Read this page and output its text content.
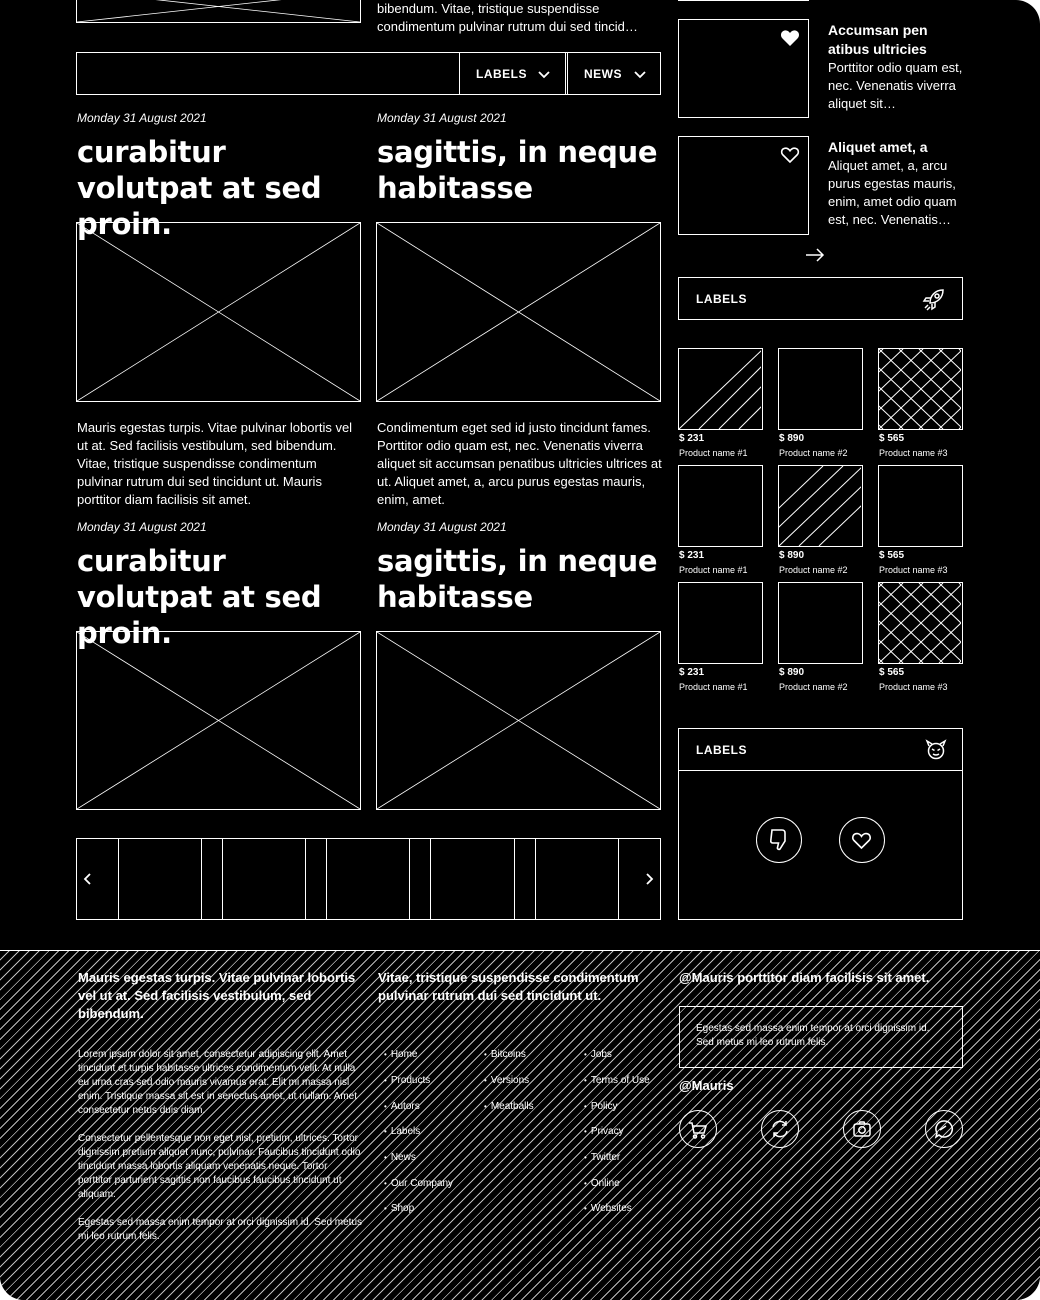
bibendum. Vitae, tristique suspendisse condimentum pulvinar rutrum dui sed tincid…
LABELS	NEWS
Monday 31 August 2021
curabitur volutpat at sed proin.
Mauris egestas turpis. Vitae pulvinar lobortis vel ut at. Sed facilisis vestibulum, sed bibendum. Vitae, tristique suspendisse condimentum pulvinar rutrum dui sed tincidunt ut. Mauris porttitor diam facilisis sit amet.
Monday 31 August 2021
sagittis, in neque habitasse
Condimentum eget sed id justo tincidunt fames. Porttitor odio quam est, nec. Venenatis viverra aliquet sit accumsan penatibus ultricies ultrices at ut. Aliquet amet, a, arcu purus egestas mauris, enim, amet.
Monday 31 August 2021
curabitur volutpat at sed proin.
Monday 31 August 2021
sagittis, in neque habitasse
Accumsan pen atibus ultricies
Porttitor odio quam est, nec. Venenatis viverra aliquet sit…
Aliquet amet, a
Aliquet amet, a, arcu purus egestas mauris, enim, amet odio quam est, nec. Venenatis…
LABELS
$ 231
Product name #1
$ 890
Product name #2
$ 565
Product name #3
$ 231
Product name #1
$ 890
Product name #2
$ 565
Product name #3
$ 231
Product name #1
$ 890
Product name #2
$ 565
Product name #3
LABELS
Mauris egestas turpis. Vitae pulvinar lobortis vel ut at. Sed facilisis vestibulum, sed bibendum.
Lorem ipsum dolor sit amet, consectetur adipiscing elit. Amet tincidunt et turpis habitasse ultrices condimentum velit. At nulla eu urna cras sed odio mauris vivamus erat. Elit mi massa nisl enim. Tristique massa sit est in senectus amet, ut nullam. Amet consectetur netus duis diam.
Consectetur pellentesque non eget nisl, pretium, ultrices. Tortor dignissim pretium aliquet nunc, pulvinar. Faucibus tincidunt odio tincidunt massa lobortis aliquam venenatis neque. Tortor porttitor parturient sagittis non faucibus faucibus tincidunt ut aliquam.
Egestas sed massa enim tempor at orci dignissim id. Sed metus mi leo rutrum felis.
Vitae, tristique suspendisse condimentum pulvinar rutrum dui sed tincidunt ut.
• Home
• Products
• Autors
• Labels
• News
• Our Company
• Shop
• Bitcoins
• Versions
• Meatballs
• Jobs
• Terms of Use
• Policy
• Privacy
• Twitter
• Online
• Websites
@Mauris porttitor diam facilisis sit amet.
Egestas sed massa enim tempor at orci dignissim id. Sed metus mi leo rutrum felis.
@Mauris
